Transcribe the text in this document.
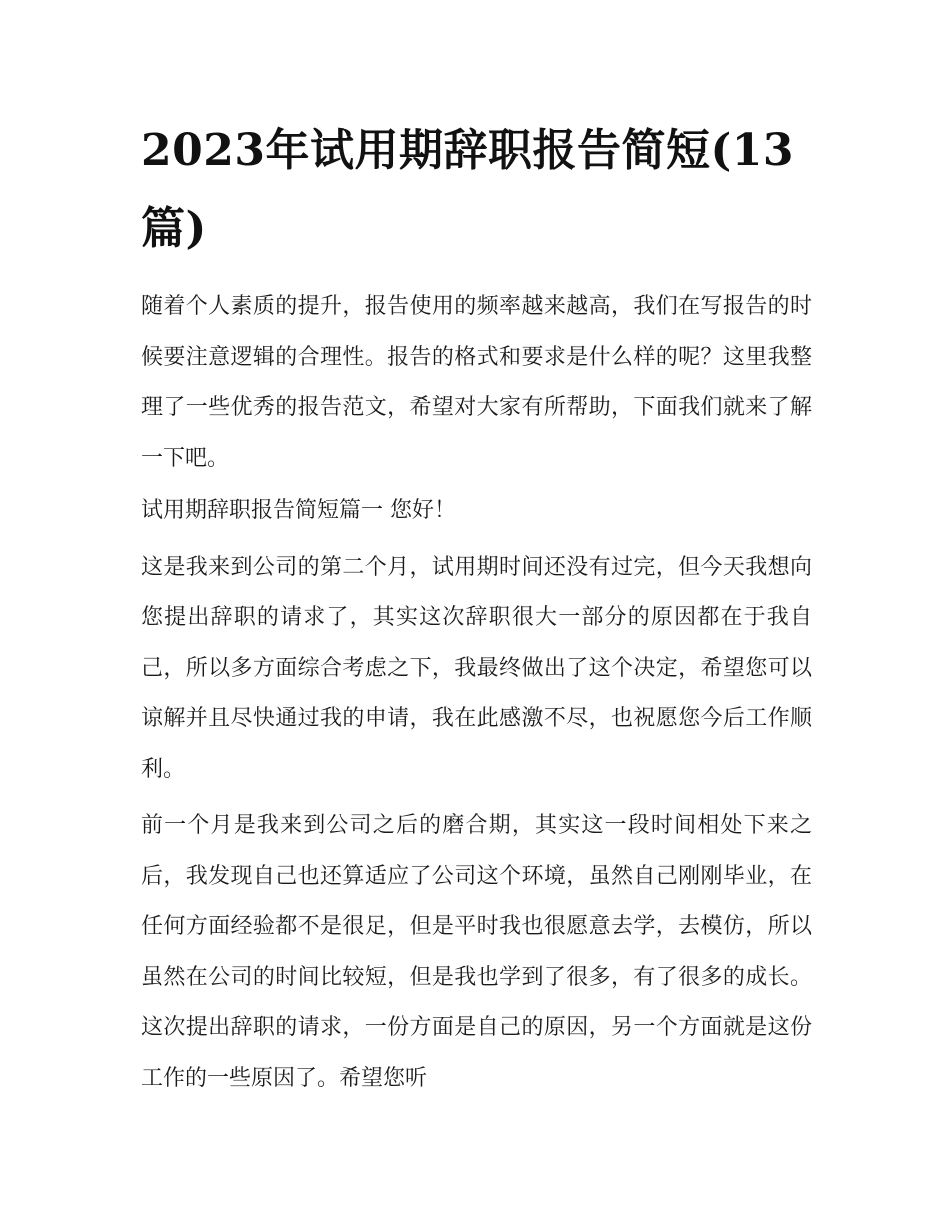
2023年试用期辞职报告简短(13篇)

随着个人素质的提升，报告使用的频率越来越高，我们在写报告的时候要注意逻辑的合理性。报告的格式和要求是什么样的呢？这里我整理了一些优秀的报告范文，希望对大家有所帮助，下面我们就来了解一下吧。

试用期辞职报告简短篇一 您好！

这是我来到公司的第二个月，试用期时间还没有过完，但今天我想向您提出辞职的请求了，其实这次辞职很大一部分的原因都在于我自己，所以多方面综合考虑之下，我最终做出了这个决定，希望您可以谅解并且尽快通过我的申请，我在此感激不尽，也祝愿您今后工作顺利。

前一个月是我来到公司之后的磨合期，其实这一段时间相处下来之后，我发现自己也还算适应了公司这个环境，虽然自己刚刚毕业，在任何方面经验都不是很足，但是平时我也很愿意去学，去模仿，所以虽然在公司的时间比较短，但是我也学到了很多，有了很多的成长。这次提出辞职的请求，一份方面是自己的原因，另一个方面就是这份工作的一些原因了。希望您听
